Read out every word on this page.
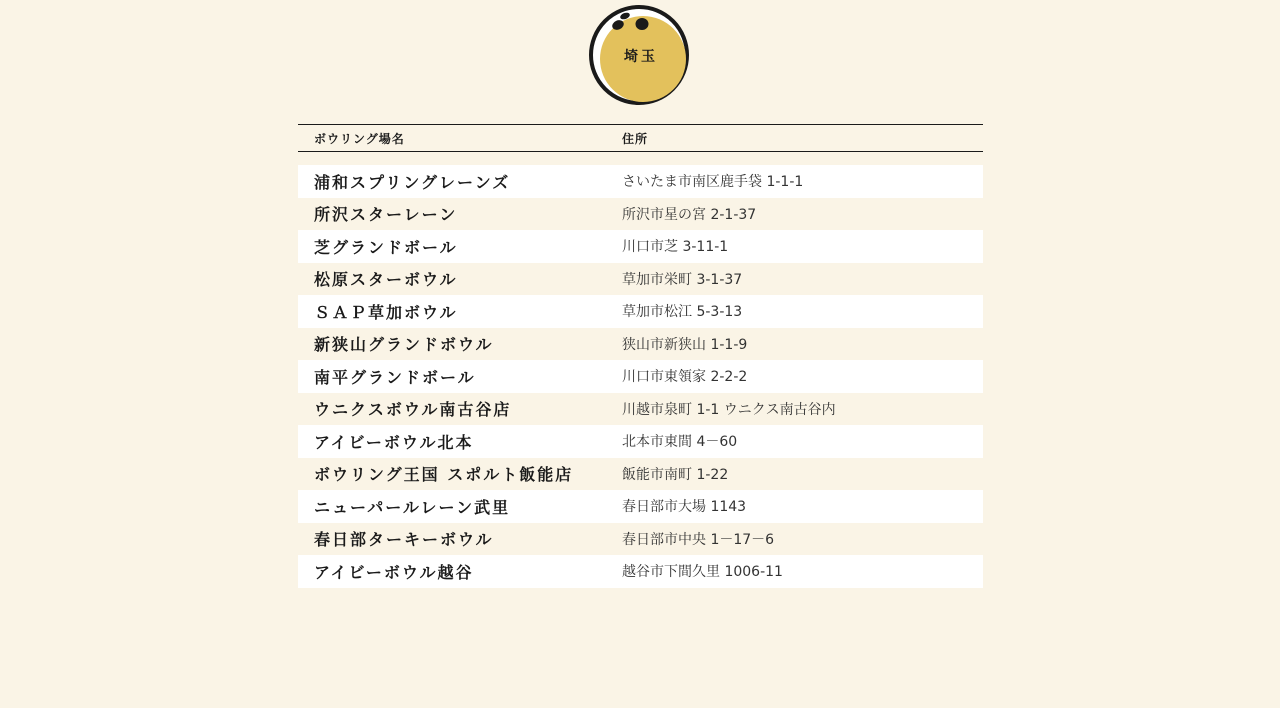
埼玉
ボウリング場名	住所
浦和スプリングレーンズ	さいたま市南区鹿手袋 1-1-1
所沢スターレーン	所沢市星の宮 2-1-37
芝グランドボール	川口市芝 3-11-1
松原スターボウル	草加市栄町 3-1-37
ＳＡＰ草加ボウル	草加市松江 5-3-13
新狭山グランドボウル	狭山市新狭山 1-1-9
南平グランドボール	川口市東領家 2-2-2
ウニクスボウル南古谷店	川越市泉町 1-1 ウニクス南古谷内
アイビーボウル北本	北本市東間 4－60
ボウリング王国 スポルト飯能店	飯能市南町 1-22
ニューパールレーン武里	春日部市大場 1143
春日部ターキーボウル	春日部市中央 1－17－6
アイビーボウル越谷	越谷市下間久里 1006-11
